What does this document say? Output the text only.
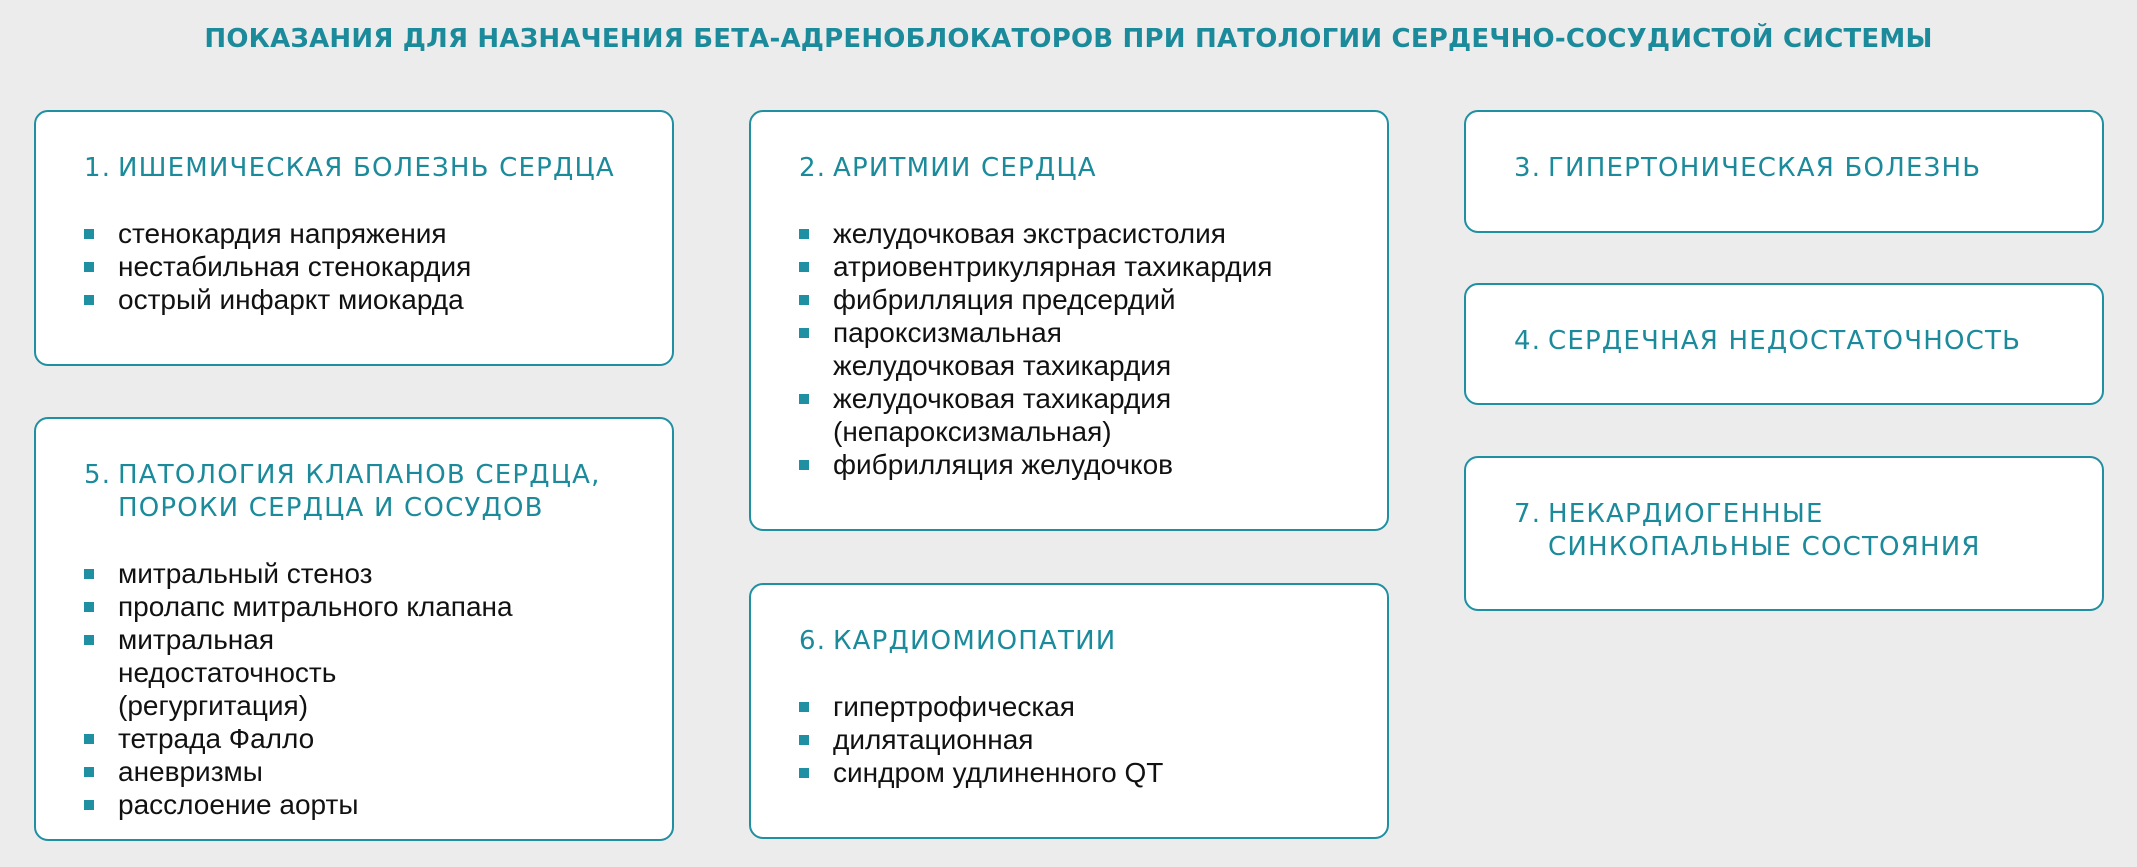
ПОКАЗАНИЯ ДЛЯ НАЗНАЧЕНИЯ БЕТА-АДРЕНОБЛОКАТОРОВ ПРИ ПАТОЛОГИИ СЕРДЕЧНО-СОСУДИСТОЙ СИСТЕМЫ
1. ИШЕМИЧЕСКАЯ БОЛЕЗНЬ СЕРДЦА
стенокардия напряжения
нестабильная стенокардия
острый инфаркт миокарда
2. АРИТМИИ СЕРДЦА
желудочковая экстрасистолия
атриовентрикулярная тахикардия
фибрилляция предсердий
пароксизмальная желудочковая тахикардия
желудочковая тахикардия (непароксизмальная)
фибрилляция желудочков
3. ГИПЕРТОНИЧЕСКАЯ БОЛЕЗНЬ
4. СЕРДЕЧНАЯ НЕДОСТАТОЧНОСТЬ
5. ПАТОЛОГИЯ КЛАПАНОВ СЕРДЦА, ПОРОКИ СЕРДЦА И СОСУДОВ
митральный стеноз
пролапс митрального клапана
митральная недостаточность (регургитация)
тетрада Фалло
аневризмы
расслоение аорты
6. КАРДИОМИОПАТИИ
гипертрофическая
дилятационная
синдром удлиненного QT
7. НЕКАРДИОГЕННЫЕ СИНКОПАЛЬНЫЕ СОСТОЯНИЯ
